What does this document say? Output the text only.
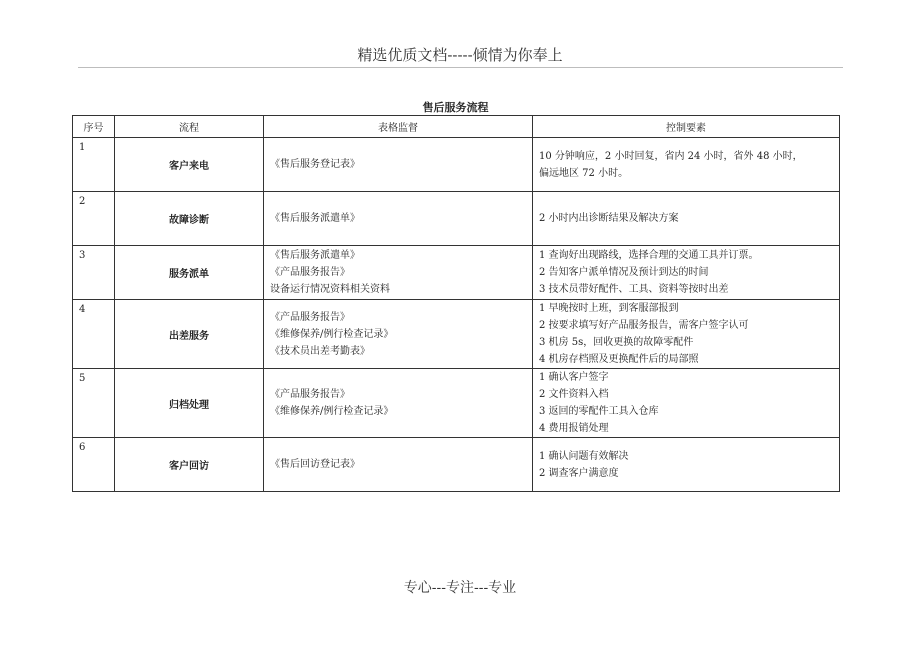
精选优质文档-----倾情为你奉上
售后服务流程
序号	流程	表格监督	控制要素
1	客户来电	《售后服务登记表》	10 分钟响应，2 小时回复，省内 24 小时，省外 48 小时，
偏远地区 72 小时。

2	故障诊断	《售后服务派遣单》	2 小时内出诊断结果及解决方案

3	服务派单	《售后服务派遣单》
《产品服务报告》
设备运行情况资料相关资料	1 查询好出现路线，选择合理的交通工具并订票。
2 告知客户派单情况及预计到达的时间
3 技术员带好配件、工具、资料等按时出差

4	出差服务	《产品服务报告》
《维修保养/例行检查记录》
《技术员出差考勤表》	1 早晚按时上班，到客服部报到
2 按要求填写好产品服务报告，需客户签字认可
3 机房 5s，回收更换的故障零配件
4 机房存档照及更换配件后的局部照

5	归档处理	《产品服务报告》
《维修保养/例行检查记录》	1 确认客户签字
2 文件资料入档
3 返回的零配件工具入仓库
4 费用报销处理

6	客户回访	《售后回访登记表》	1 确认问题有效解决
2 调查客户满意度
专心---专注---专业
